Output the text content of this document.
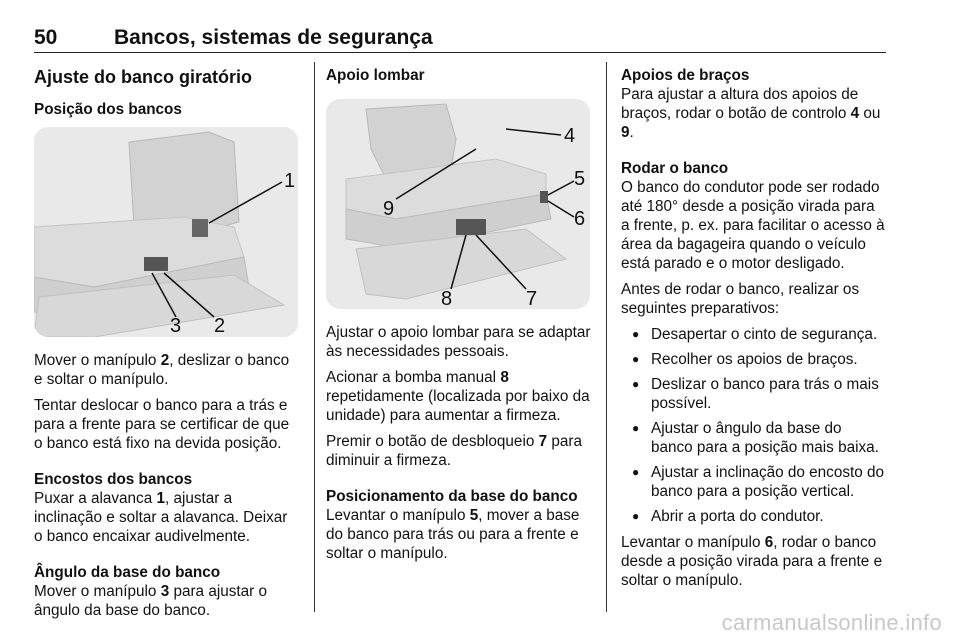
50	Bancos, sistemas de segurança
Ajuste do banco giratório
Posição dos bancos
1
2
3

Mover o manípulo 2, deslizar o banco e soltar o manípulo.

Tentar deslocar o banco para a trás e para a frente para se certificar de que o banco está fixo na devida posição.

Encostos dos bancos

Puxar a alavanca 1, ajustar a inclinação e soltar a alavanca. Deixar o banco encaixar audivelmente.

Ângulo da base do banco

Mover o manípulo 3 para ajustar o ângulo da base do banco.

Apoio lombar
4
5
6
7
8
9

Ajustar o apoio lombar para se adaptar às necessidades pessoais.

Acionar a bomba manual 8 repetidamente (localizada por baixo da unidade) para aumentar a firmeza.

Premir o botão de desbloqueio 7 para diminuir a firmeza.

Posicionamento da base do banco

Levantar o manípulo 5, mover a base do banco para trás ou para a frente e soltar o manípulo.

Apoios de braços

Para ajustar a altura dos apoios de braços, rodar o botão de controlo 4 ou 9.

Rodar o banco

O banco do condutor pode ser rodado até 180° desde a posição virada para a frente, p. ex. para facilitar o acesso à área da bagageira quando o veículo está parado e o motor desligado.

Antes de rodar o banco, realizar os seguintes preparativos:

● Desapertar o cinto de segurança.
● Recolher os apoios de braços.
● Deslizar o banco para trás o mais possível.
● Ajustar o ângulo da base do banco para a posição mais baixa.
● Ajustar a inclinação do encosto do banco para a posição vertical.
● Abrir a porta do condutor.

Levantar o manípulo 6, rodar o banco desde a posição virada para a frente e soltar o manípulo.

carmanualsonline.info
